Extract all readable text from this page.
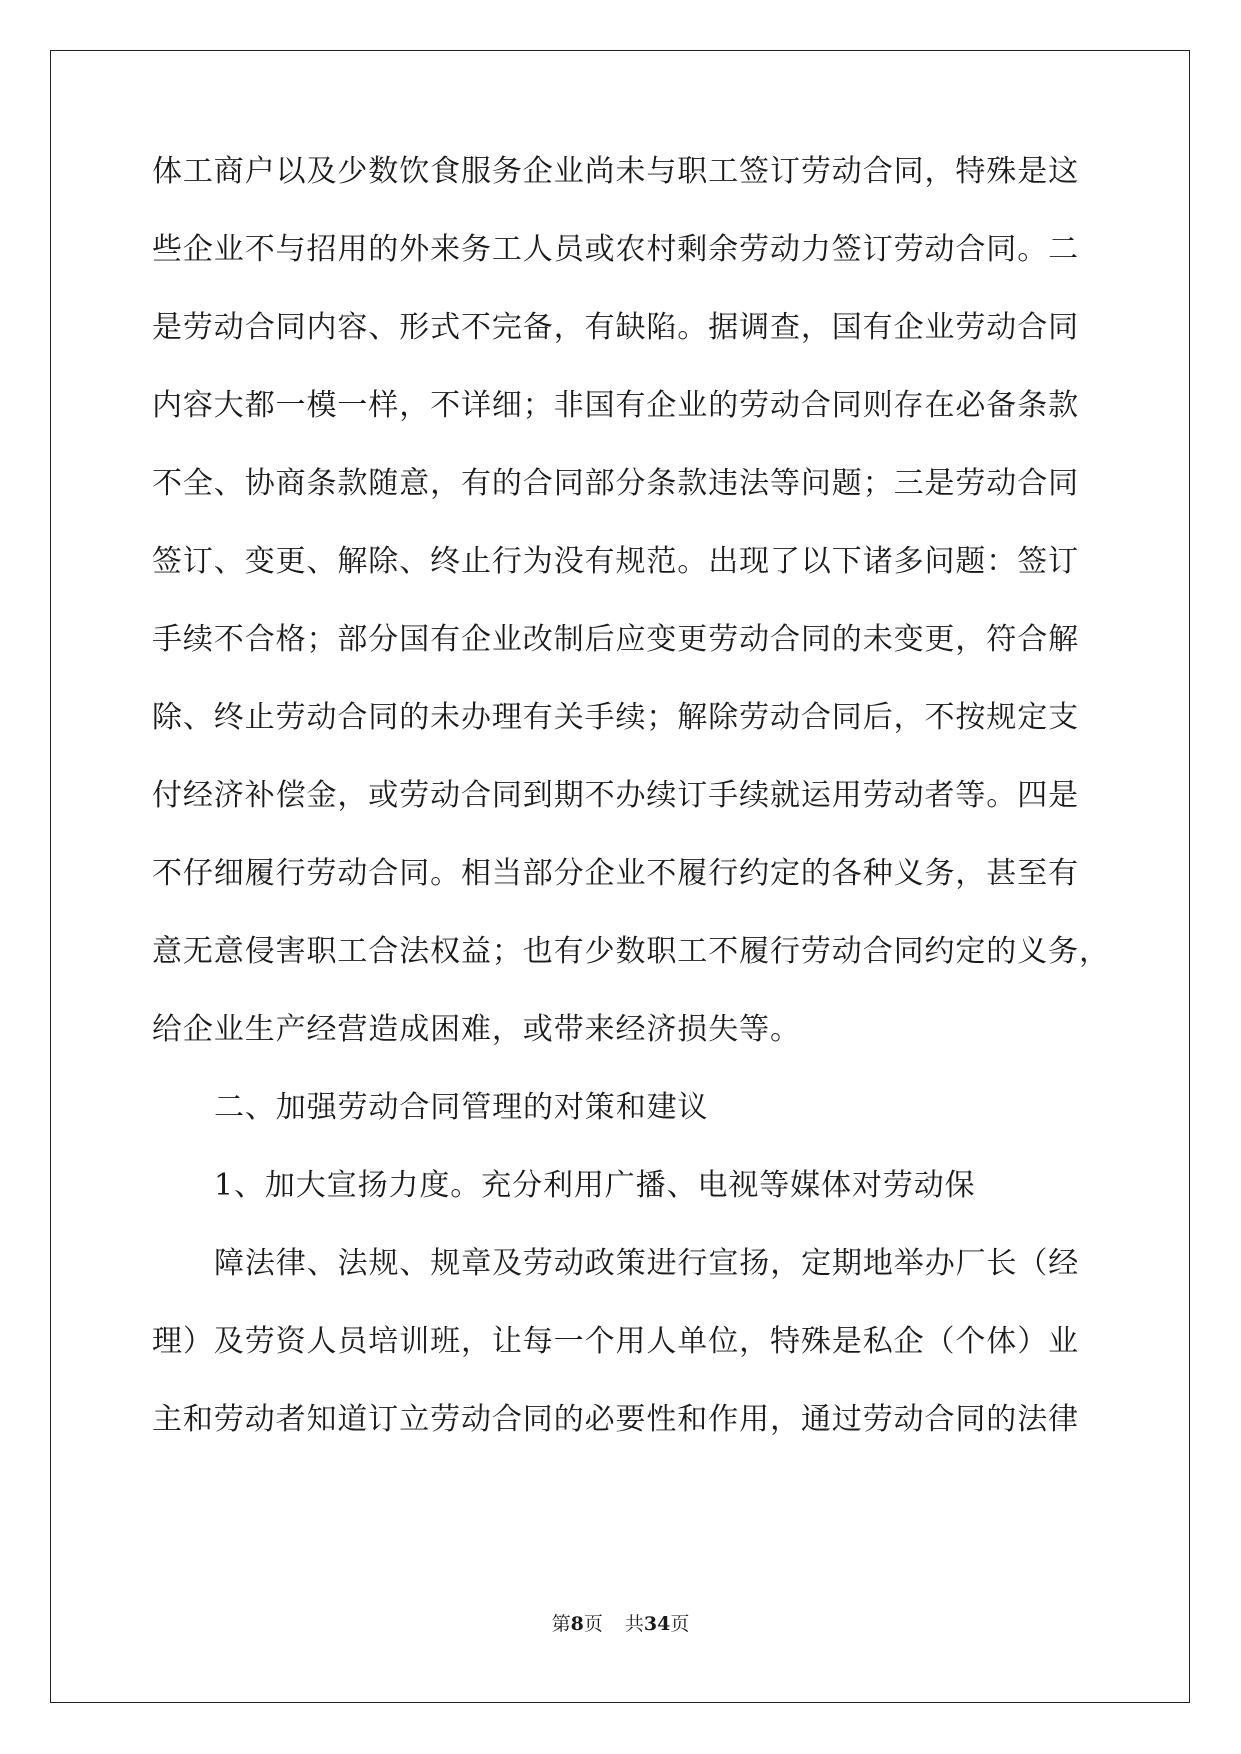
体工商户以及少数饮食服务企业尚未与职工签订劳动合同，特殊是这
些企业不与招用的外来务工人员或农村剩余劳动力签订劳动合同。二
是劳动合同内容、形式不完备，有缺陷。据调查，国有企业劳动合同
内容大都一模一样，不详细；非国有企业的劳动合同则存在必备条款
不全、协商条款随意，有的合同部分条款违法等问题；三是劳动合同
签订、变更、解除、终止行为没有规范。出现了以下诸多问题：签订
手续不合格；部分国有企业改制后应变更劳动合同的未变更，符合解
除、终止劳动合同的未办理有关手续；解除劳动合同后，不按规定支
付经济补偿金，或劳动合同到期不办续订手续就运用劳动者等。四是
不仔细履行劳动合同。相当部分企业不履行约定的各种义务，甚至有
意无意侵害职工合法权益；也有少数职工不履行劳动合同约定的义务，
给企业生产经营造成困难，或带来经济损失等。
二、加强劳动合同管理的对策和建议
1、加大宣扬力度。充分利用广播、电视等媒体对劳动保
障法律、法规、规章及劳动政策进行宣扬，定期地举办厂长（经
理）及劳资人员培训班，让每一个用人单位，特殊是私企（个体）业
主和劳动者知道订立劳动合同的必要性和作用，通过劳动合同的法律
第8页 共34页
